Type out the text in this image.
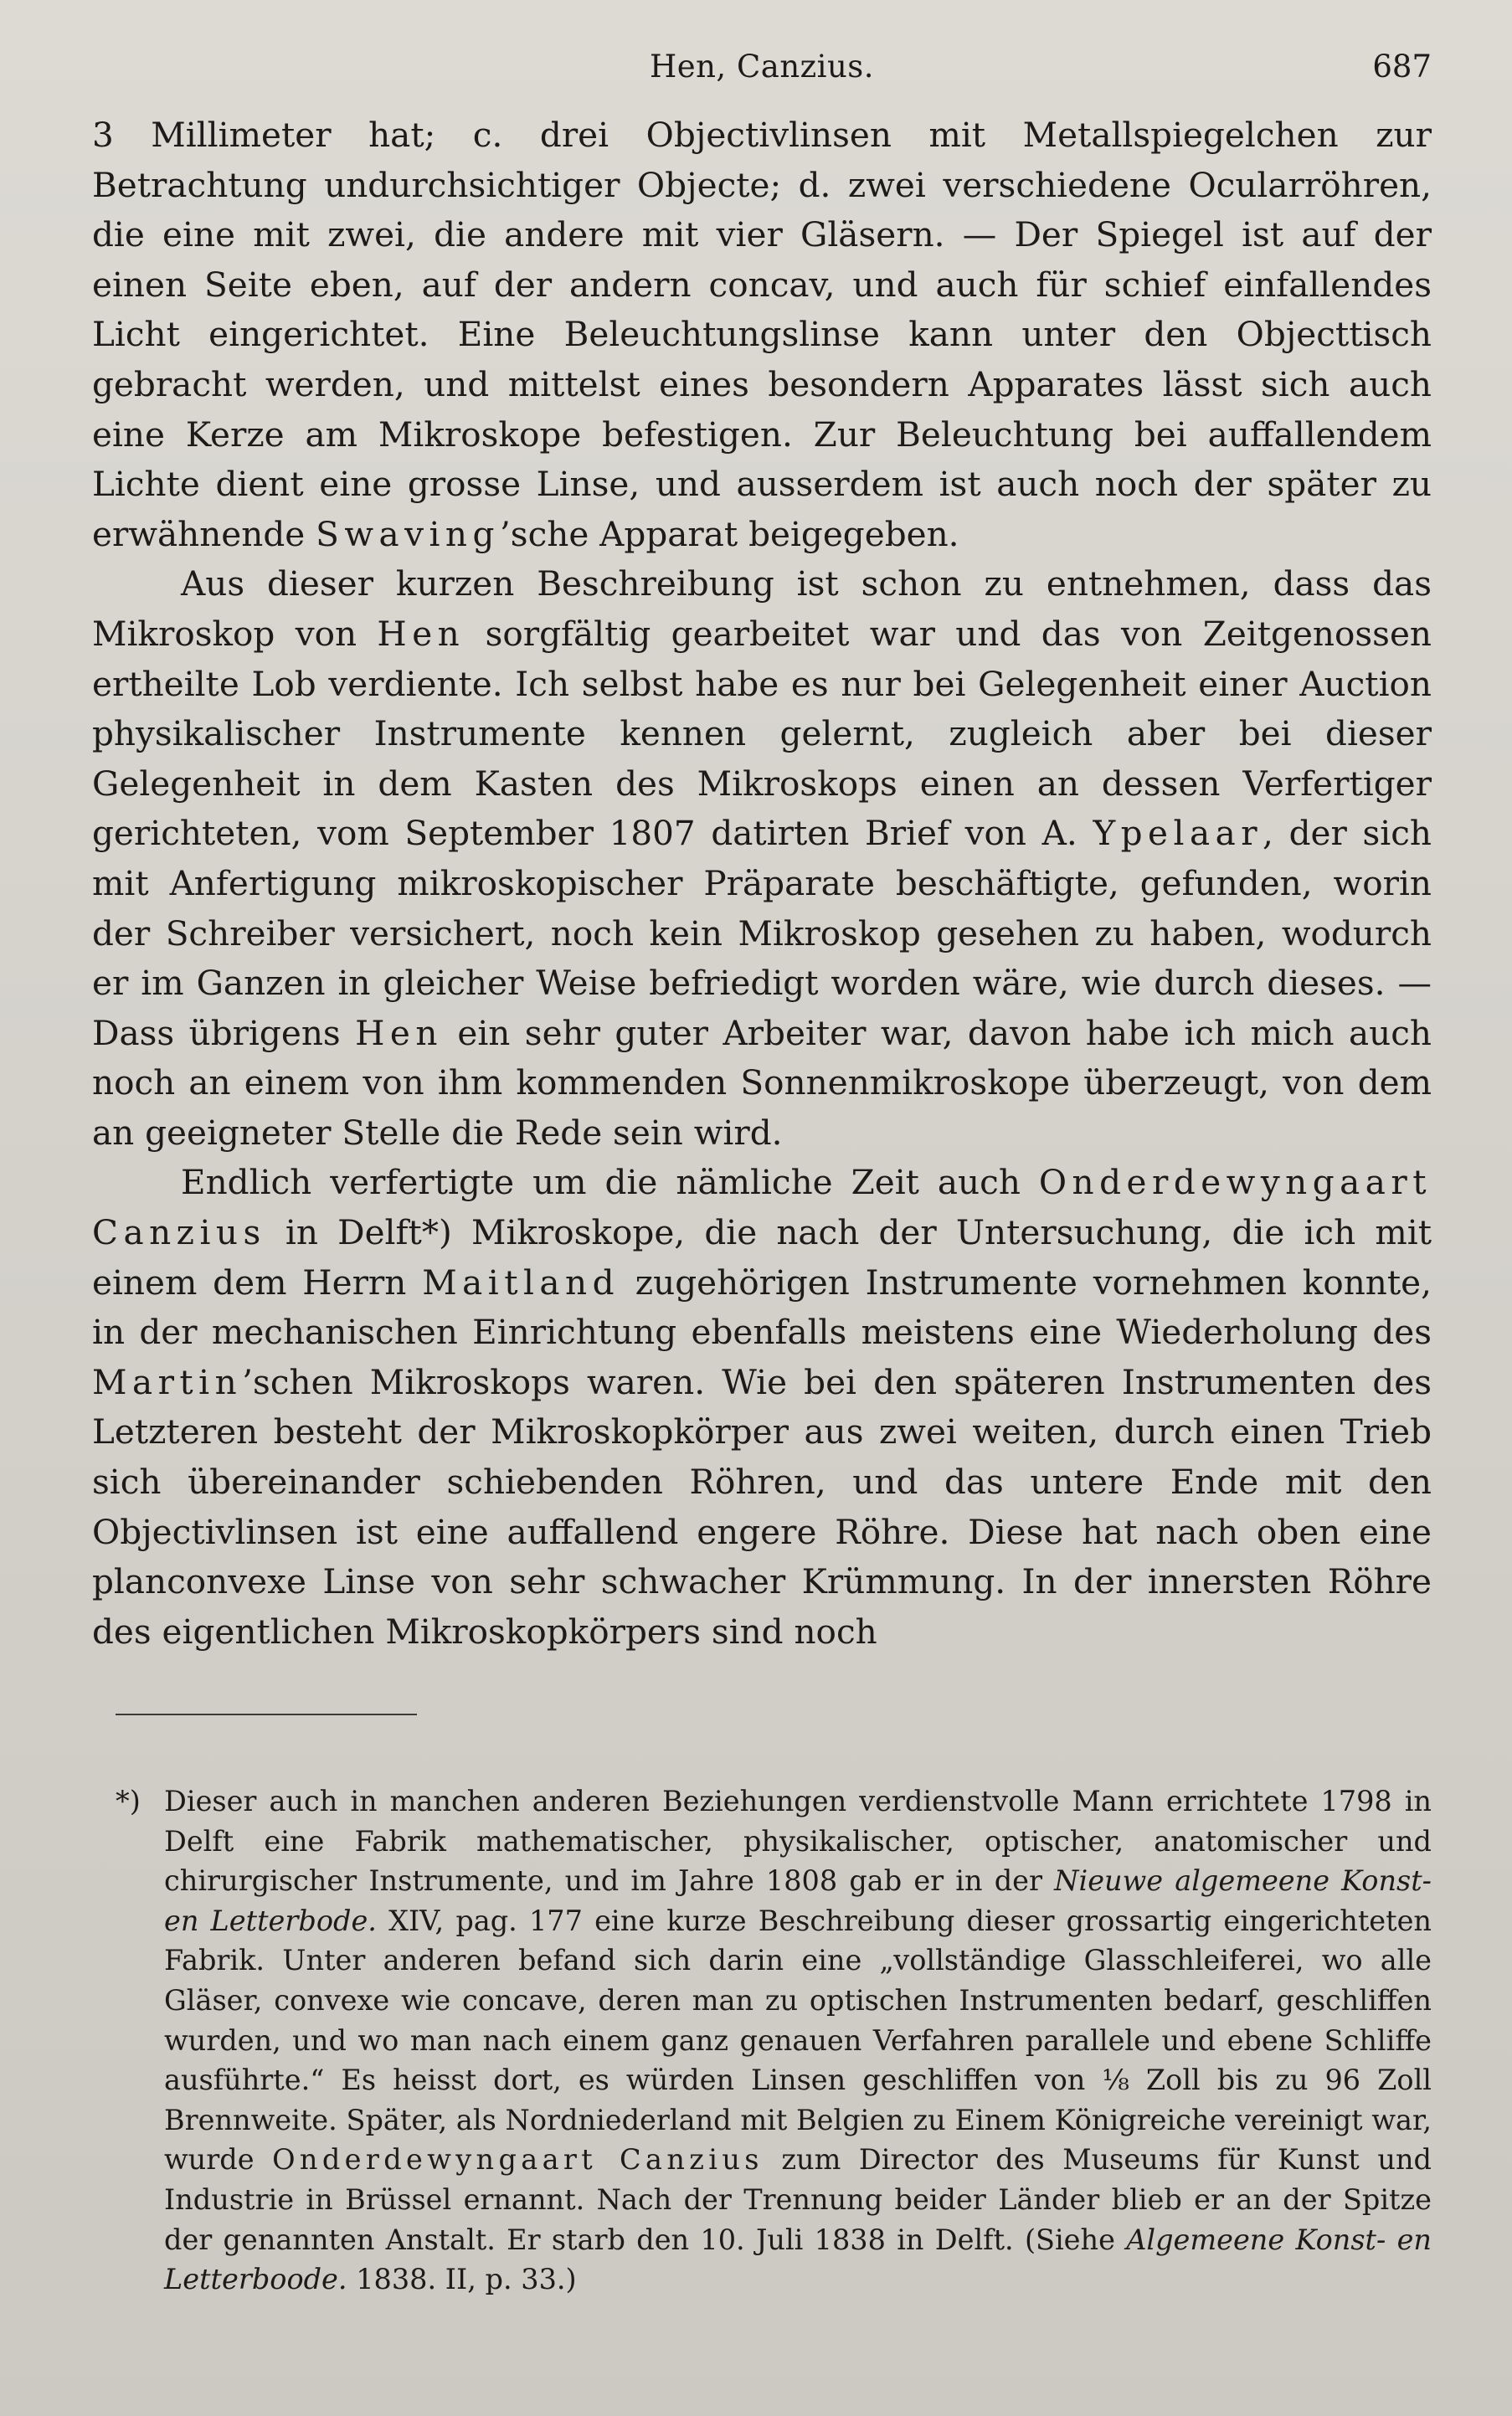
Hen, Canzius.	687

3 Millimeter hat; c. drei Objectivlinsen mit Metallspiegelchen zur Betrachtung undurchsichtiger Objecte; d. zwei verschiedene Ocularröhren, die eine mit zwei, die andere mit vier Gläsern. — Der Spiegel ist auf der einen Seite eben, auf der andern concav, und auch für schief einfallendes Licht eingerichtet. Eine Beleuchtungslinse kann unter den Objecttisch gebracht werden, und mittelst eines besondern Apparates lässt sich auch eine Kerze am Mikroskope befestigen. Zur Beleuchtung bei auffallendem Lichte dient eine grosse Linse, und ausserdem ist auch noch der später zu erwähnende Swaving’sche Apparat beigegeben.

Aus dieser kurzen Beschreibung ist schon zu entnehmen, dass das Mikroskop von Hen sorgfältig gearbeitet war und das von Zeitgenossen ertheilte Lob verdiente. Ich selbst habe es nur bei Gelegenheit einer Auction physikalischer Instrumente kennen gelernt, zugleich aber bei dieser Gelegenheit in dem Kasten des Mikroskops einen an dessen Verfertiger gerichteten, vom September 1807 datirten Brief von A. Ypelaar, der sich mit Anfertigung mikroskopischer Präparate beschäftigte, gefunden, worin der Schreiber versichert, noch kein Mikroskop gesehen zu haben, wodurch er im Ganzen in gleicher Weise befriedigt worden wäre, wie durch dieses. — Dass übrigens Hen ein sehr guter Arbeiter war, davon habe ich mich auch noch an einem von ihm kommenden Sonnenmikroskope überzeugt, von dem an geeigneter Stelle die Rede sein wird.

Endlich verfertigte um die nämliche Zeit auch Onderdewyngaart Canzius in Delft*) Mikroskope, die nach der Untersuchung, die ich mit einem dem Herrn Maitland zugehörigen Instrumente vornehmen konnte, in der mechanischen Einrichtung ebenfalls meistens eine Wiederholung des Martin’schen Mikroskops waren. Wie bei den späteren Instrumenten des Letzteren besteht der Mikroskopkörper aus zwei weiten, durch einen Trieb sich übereinander schiebenden Röhren, und das untere Ende mit den Objectivlinsen ist eine auffallend engere Röhre. Diese hat nach oben eine planconvexe Linse von sehr schwacher Krümmung. In der innersten Röhre des eigentlichen Mikroskopkörpers sind noch

*) Dieser auch in manchen anderen Beziehungen verdienstvolle Mann errichtete 1798 in Delft eine Fabrik mathematischer, physikalischer, optischer, anatomischer und chirurgischer Instrumente, und im Jahre 1808 gab er in der Nieuwe algemeene Konst- en Letterbode. XIV, pag. 177 eine kurze Beschreibung dieser grossartig eingerichteten Fabrik. Unter anderen befand sich darin eine „vollständige Glasschleiferei, wo alle Gläser, convexe wie concave, deren man zu optischen Instrumenten bedarf, geschliffen wurden, und wo man nach einem ganz genauen Verfahren parallele und ebene Schliffe ausführte.“ Es heisst dort, es würden Linsen geschliffen von ⅛ Zoll bis zu 96 Zoll Brennweite. Später, als Nordniederland mit Belgien zu Einem Königreiche vereinigt war, wurde Onderdewyngaart Canzius zum Director des Museums für Kunst und Industrie in Brüssel ernannt. Nach der Trennung beider Länder blieb er an der Spitze der genannten Anstalt. Er starb den 10. Juli 1838 in Delft. (Siehe Algemeene Konst- en Letterboode. 1838. II, p. 33.)
